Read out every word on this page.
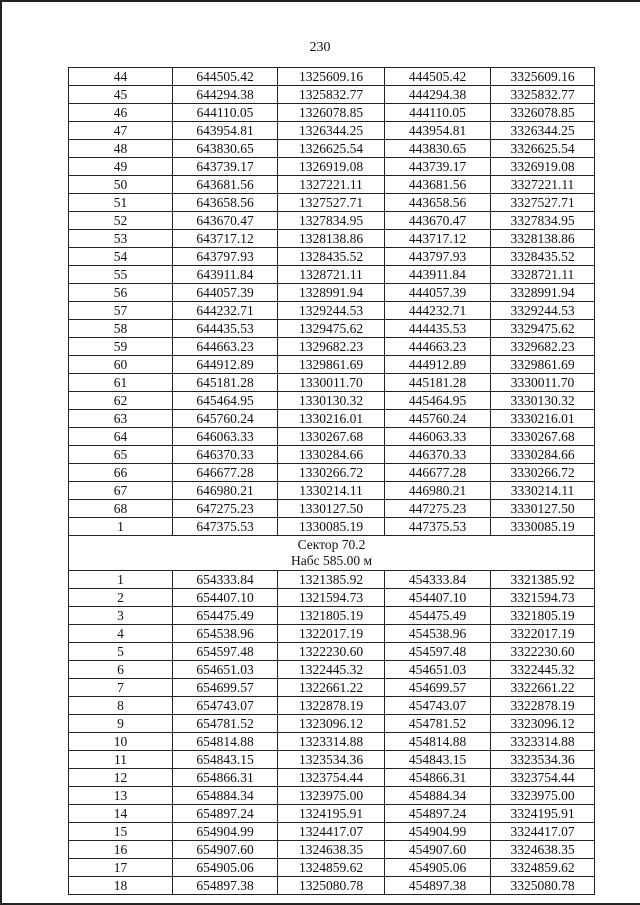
230
44	644505.42	1325609.16	444505.42	3325609.16
45	644294.38	1325832.77	444294.38	3325832.77
46	644110.05	1326078.85	444110.05	3326078.85
47	643954.81	1326344.25	443954.81	3326344.25
48	643830.65	1326625.54	443830.65	3326625.54
49	643739.17	1326919.08	443739.17	3326919.08
50	643681.56	1327221.11	443681.56	3327221.11
51	643658.56	1327527.71	443658.56	3327527.71
52	643670.47	1327834.95	443670.47	3327834.95
53	643717.12	1328138.86	443717.12	3328138.86
54	643797.93	1328435.52	443797.93	3328435.52
55	643911.84	1328721.11	443911.84	3328721.11
56	644057.39	1328991.94	444057.39	3328991.94
57	644232.71	1329244.53	444232.71	3329244.53
58	644435.53	1329475.62	444435.53	3329475.62
59	644663.23	1329682.23	444663.23	3329682.23
60	644912.89	1329861.69	444912.89	3329861.69
61	645181.28	1330011.70	445181.28	3330011.70
62	645464.95	1330130.32	445464.95	3330130.32
63	645760.24	1330216.01	445760.24	3330216.01
64	646063.33	1330267.68	446063.33	3330267.68
65	646370.33	1330284.66	446370.33	3330284.66
66	646677.28	1330266.72	446677.28	3330266.72
67	646980.21	1330214.11	446980.21	3330214.11
68	647275.23	1330127.50	447275.23	3330127.50
1	647375.53	1330085.19	447375.53	3330085.19

Сектор 70.2
Набс 585.00 м				

1	654333.84	1321385.92	454333.84	3321385.92
2	654407.10	1321594.73	454407.10	3321594.73
3	654475.49	1321805.19	454475.49	3321805.19
4	654538.96	1322017.19	454538.96	3322017.19
5	654597.48	1322230.60	454597.48	3322230.60
6	654651.03	1322445.32	454651.03	3322445.32
7	654699.57	1322661.22	454699.57	3322661.22
8	654743.07	1322878.19	454743.07	3322878.19
9	654781.52	1323096.12	454781.52	3323096.12
10	654814.88	1323314.88	454814.88	3323314.88
11	654843.15	1323534.36	454843.15	3323534.36
12	654866.31	1323754.44	454866.31	3323754.44
13	654884.34	1323975.00	454884.34	3323975.00
14	654897.24	1324195.91	454897.24	3324195.91
15	654904.99	1324417.07	454904.99	3324417.07
16	654907.60	1324638.35	454907.60	3324638.35
17	654905.06	1324859.62	454905.06	3324859.62
18	654897.38	1325080.78	454897.38	3325080.78
